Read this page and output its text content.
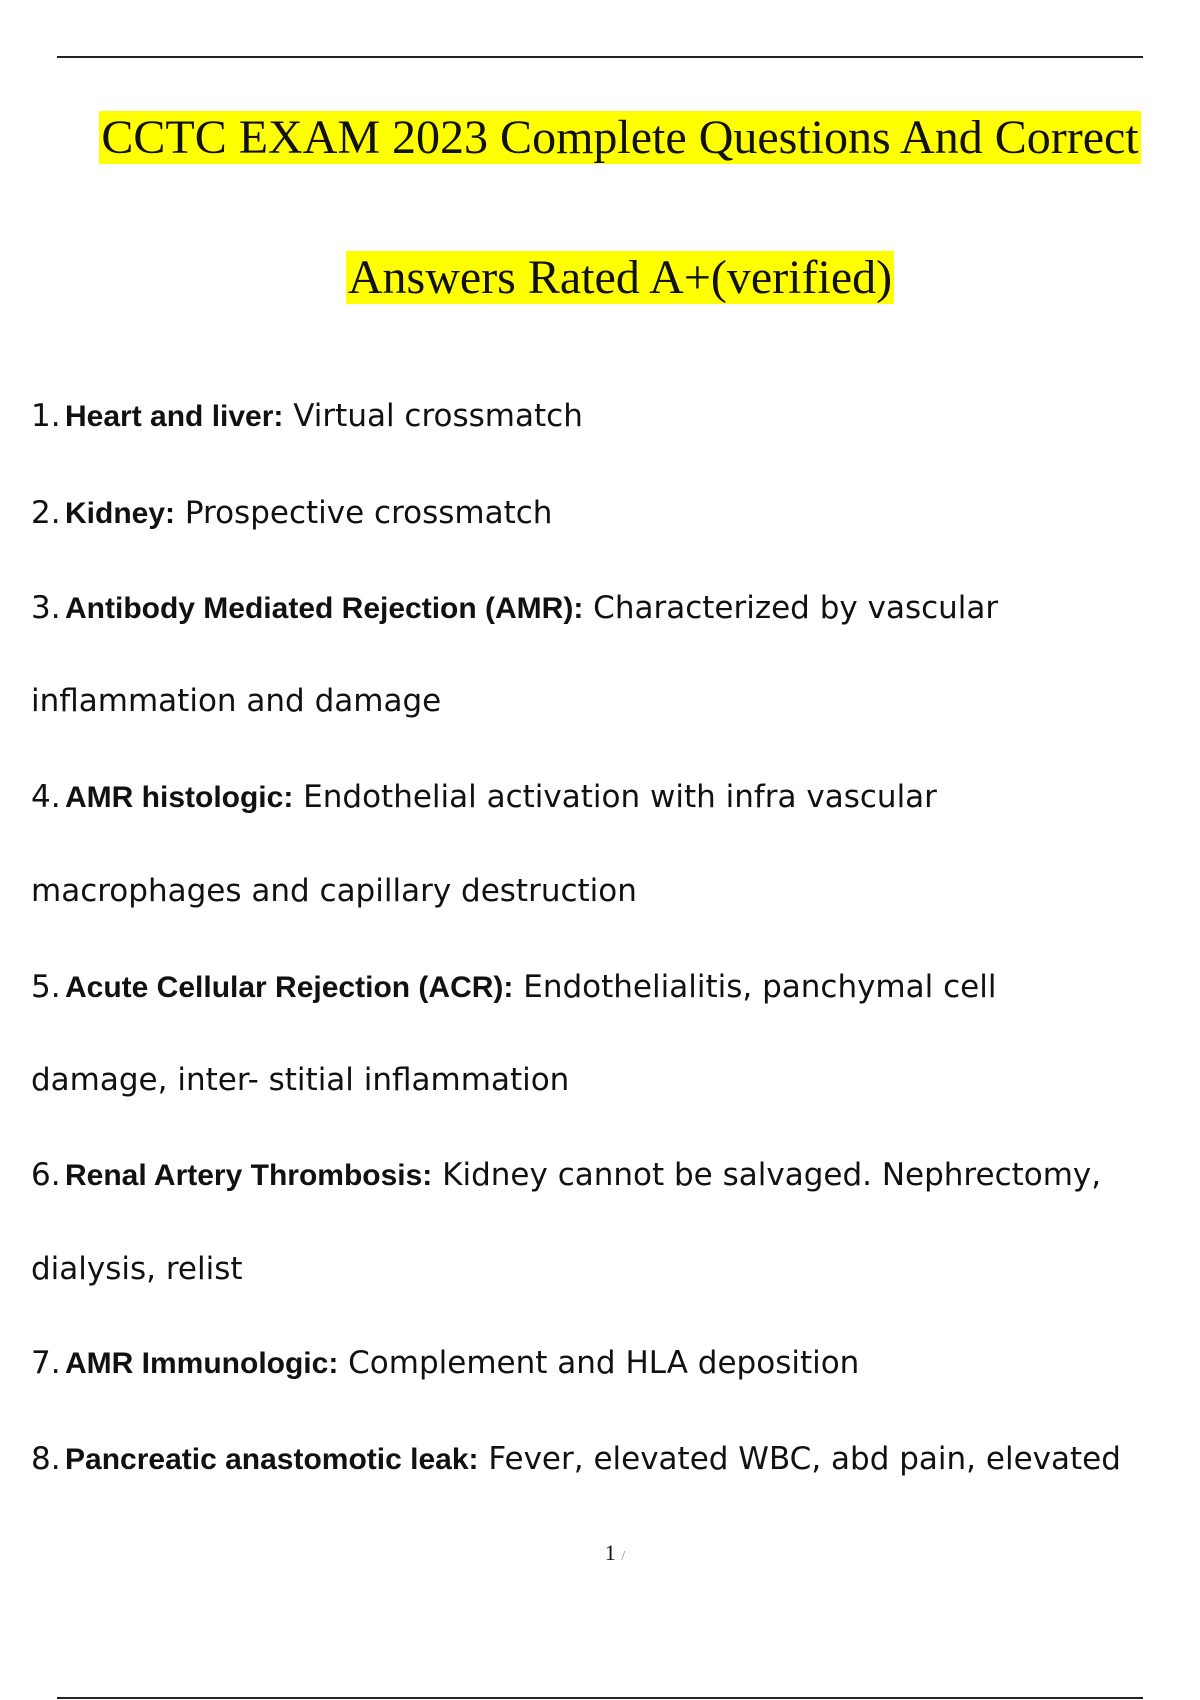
CCTC EXAM 2023 Complete Questions And Correct
Answers Rated A+(verified)
1. Heart and liver: Virtual crossmatch
2. Kidney: Prospective crossmatch
3. Antibody Mediated Rejection (AMR): Characterized by vascular
inflammation and damage
4. AMR histologic: Endothelial activation with infra vascular
macrophages and capillary destruction
5. Acute Cellular Rejection (ACR): Endothelialitis, panchymal cell
damage, inter- stitial inflammation
6. Renal Artery Thrombosis: Kidney cannot be salvaged. Nephrectomy,
dialysis, relist
7. AMR Immunologic: Complement and HLA deposition
8. Pancreatic anastomotic leak: Fever, elevated WBC, abd pain, elevated
1 /
